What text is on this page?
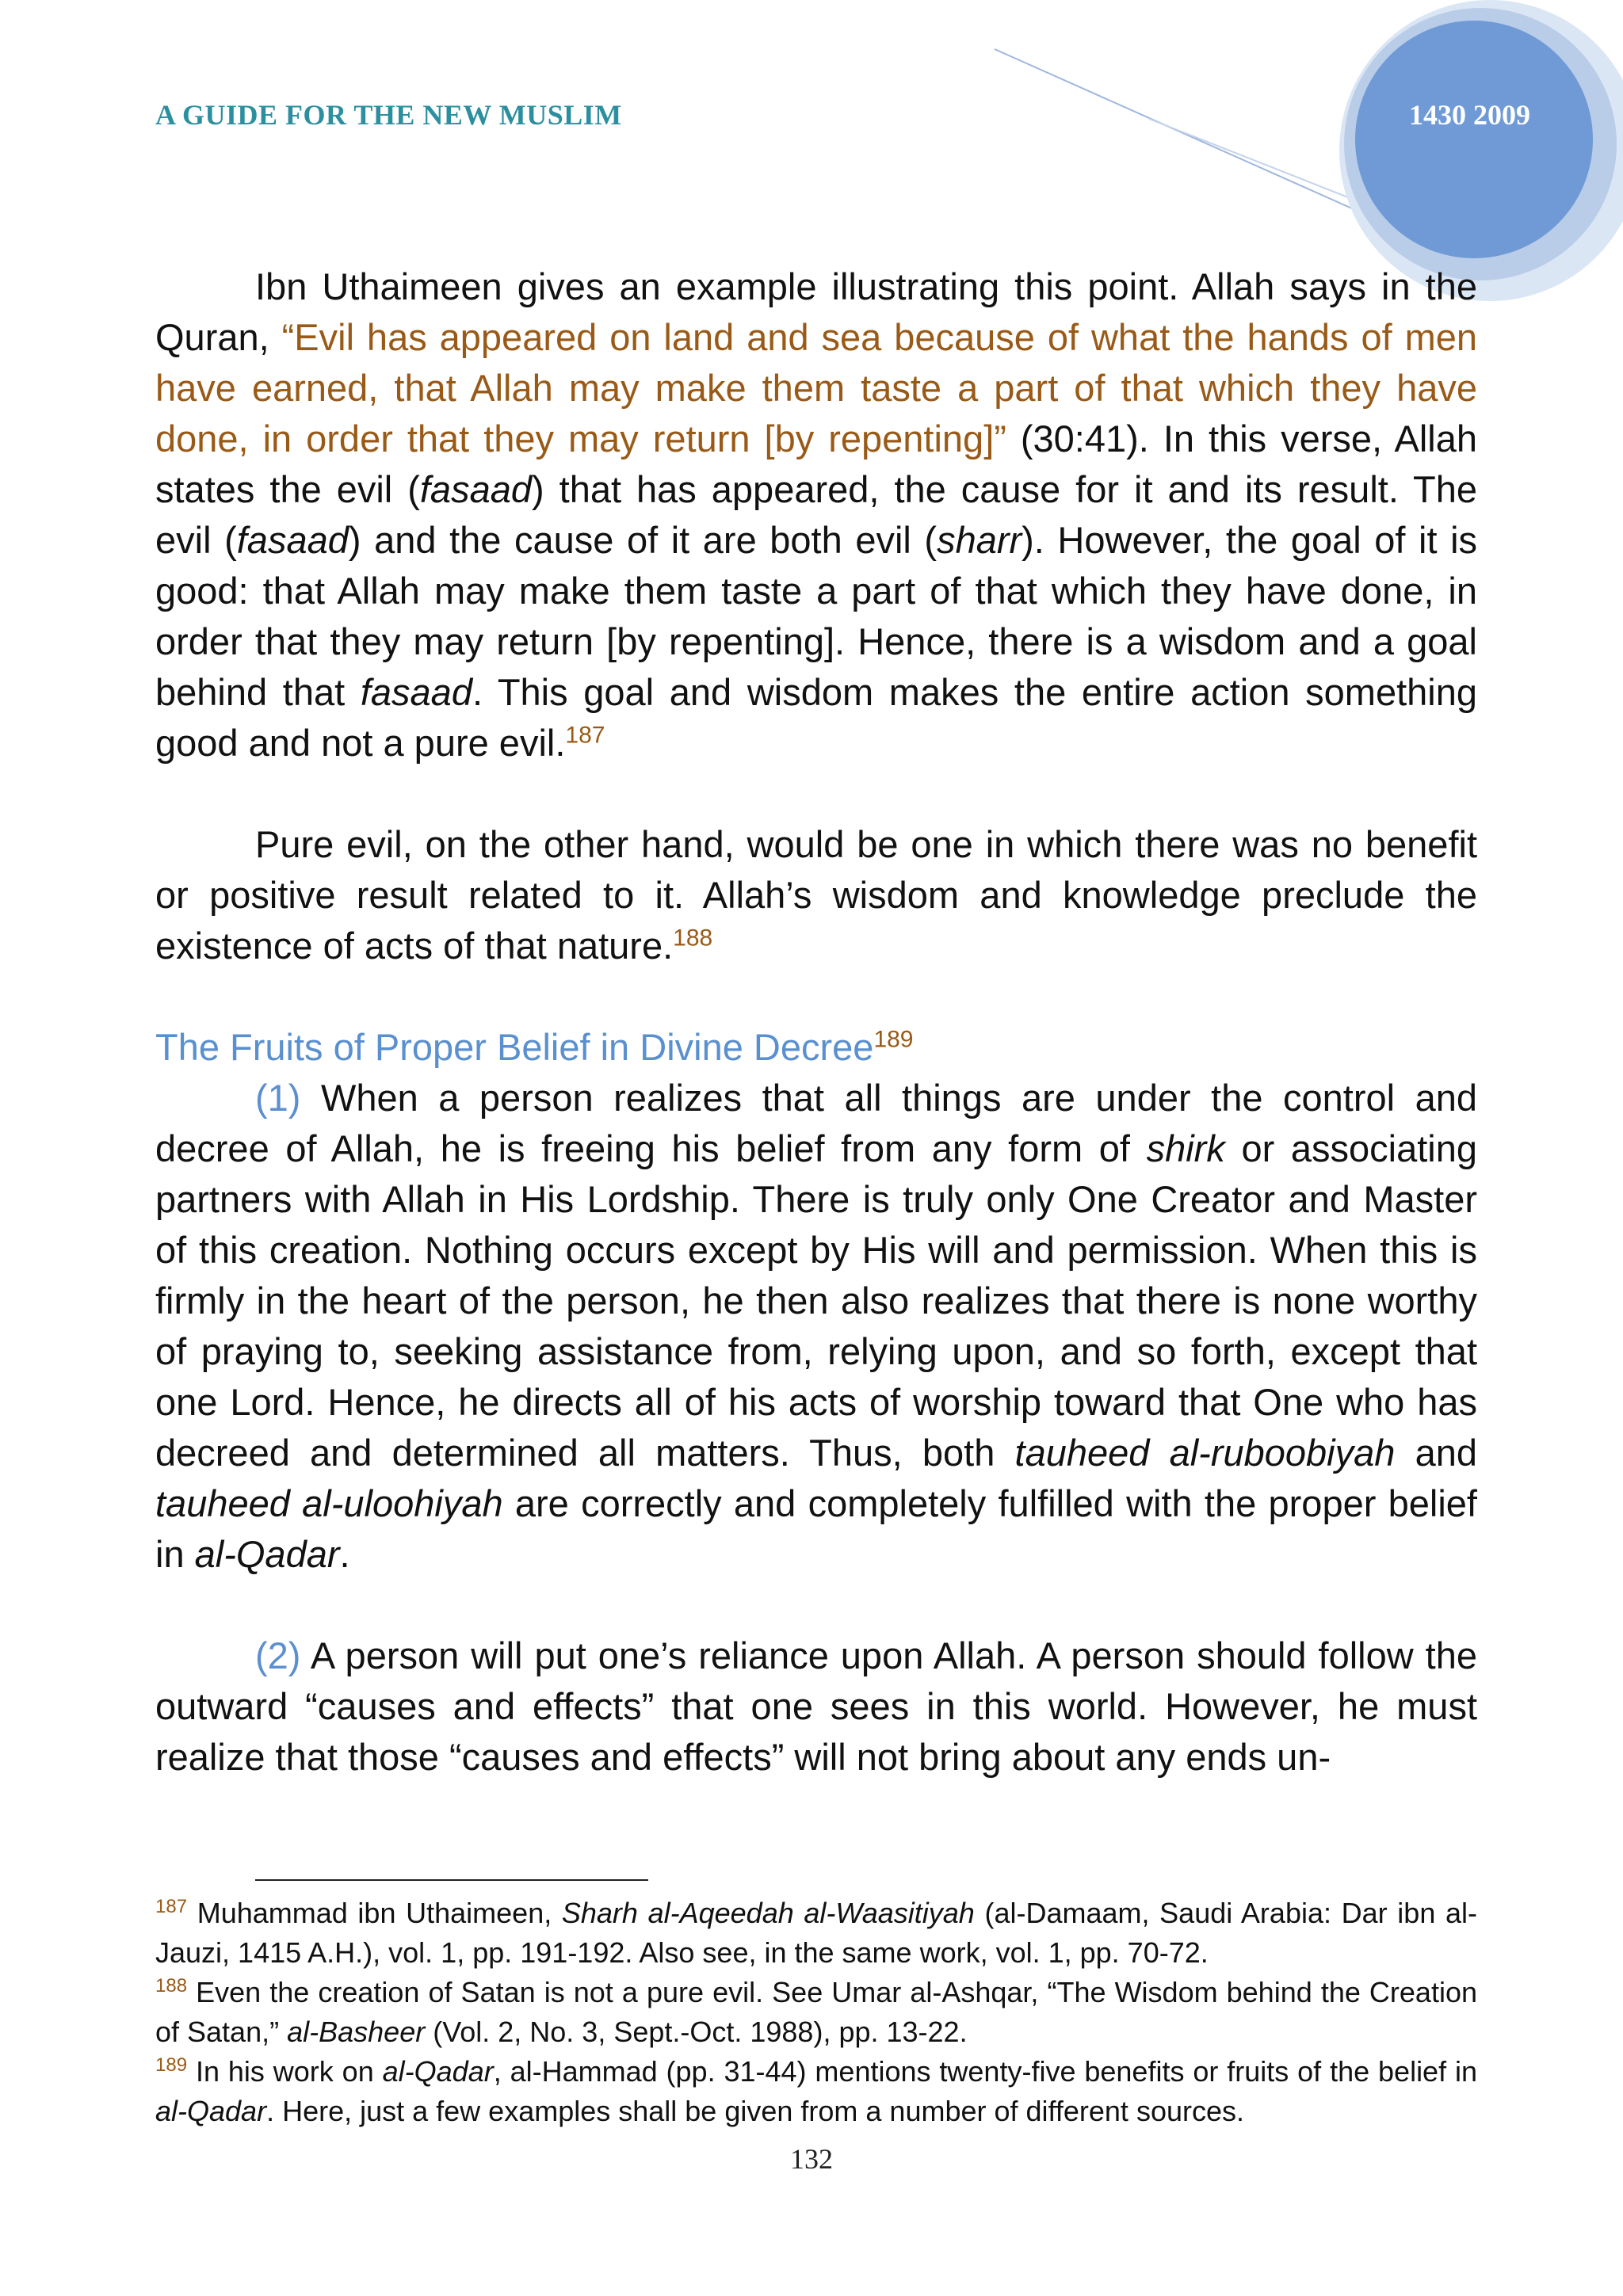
A GUIDE FOR THE NEW MUSLIM	1430 2009

Ibn Uthaimeen gives an example illustrating this point. Allah says in the Quran, “Evil has appeared on land and sea because of what the hands of men have earned, that Allah may make them taste a part of that which they have done, in order that they may return [by repenting]” (30:41). In this verse, Allah states the evil (fasaad) that has appeared, the cause for it and its result. The evil (fasaad) and the cause of it are both evil (sharr). However, the goal of it is good: that Allah may make them taste a part of that which they have done, in order that they may return [by repenting]. Hence, there is a wisdom and a goal behind that fasaad. This goal and wisdom makes the entire action something good and not a pure evil.$^{187}$

Pure evil, on the other hand, would be one in which there was no benefit or positive result related to it. Allah’s wisdom and knowledge preclude the existence of acts of that nature.$^{188}$

The Fruits of Proper Belief in Divine Decree$^{189}$

(1) When a person realizes that all things are under the control and decree of Allah, he is freeing his belief from any form of shirk or associating partners with Allah in His Lordship. There is truly only One Creator and Master of this creation. Nothing occurs except by His will and permission. When this is firmly in the heart of the person, he then also realizes that there is none worthy of praying to, seeking assistance from, relying upon, and so forth, except that one Lord. Hence, he directs all of his acts of worship toward that One who has decreed and determined all matters. Thus, both tauheed al-ruboobiyah and tauheed al-uloohiyah are correctly and completely fulfilled with the proper belief in al-Qadar.

(2) A person will put one’s reliance upon Allah. A person should follow the outward “causes and effects” that one sees in this world. However, he must realize that those “causes and effects” will not bring about any ends un-

$^{187}$ Muhammad ibn Uthaimeen, Sharh al-Aqeedah al-Waasitiyah (al-Damaam, Saudi Arabia: Dar ibn al-Jauzi, 1415 A.H.), vol. 1, pp. 191-192. Also see, in the same work, vol. 1, pp. 70-72.

$^{188}$ Even the creation of Satan is not a pure evil. See Umar al-Ashqar, “The Wisdom behind the Creation of Satan,” al-Basheer (Vol. 2, No. 3, Sept.-Oct. 1988), pp. 13-22.

$^{189}$ In his work on al-Qadar, al-Hammad (pp. 31-44) mentions twenty-five benefits or fruits of the belief in al-Qadar. Here, just a few examples shall be given from a number of different sources.

132
